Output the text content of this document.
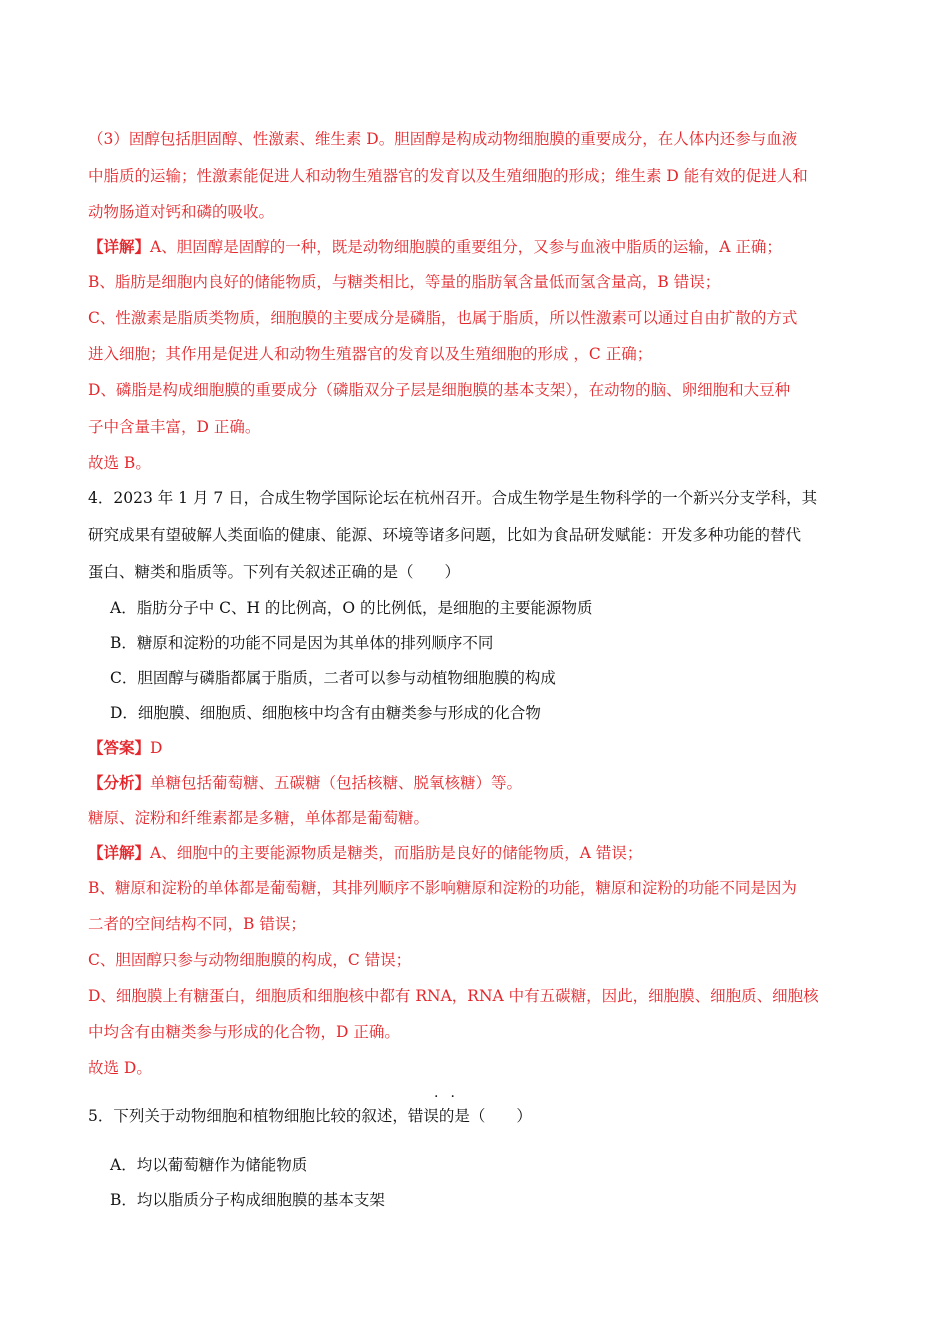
（3）固醇包括胆固醇、性激素、维生素 D。胆固醇是构成动物细胞膜的重要成分，在人体内还参与血液
中脂质的运输；性激素能促进人和动物生殖器官的发育以及生殖细胞的形成；维生素 D 能有效的促进人和
动物肠道对钙和磷的吸收。
【详解】A、胆固醇是固醇的一种，既是动物细胞膜的重要组分，又参与血液中脂质的运输，A 正确；
B、脂肪是细胞内良好的储能物质，与糖类相比，等量的脂肪氧含量低而氢含量高，B 错误；
C、性激素是脂质类物质，细胞膜的主要成分是磷脂，也属于脂质，所以性激素可以通过自由扩散的方式
进入细胞；其作用是促进人和动物生殖器官的发育以及生殖细胞的形成 ，C 正确；
D、磷脂是构成细胞膜的重要成分（磷脂双分子层是细胞膜的基本支架），在动物的脑、卵细胞和大豆种
子中含量丰富，D 正确。
故选 B。
4．2023 年 1 月 7 日，合成生物学国际论坛在杭州召开。合成生物学是生物科学的一个新兴分支学科，其
研究成果有望破解人类面临的健康、能源、环境等诸多问题，比如为食品研发赋能：开发多种功能的替代
蛋白、糖类和脂质等。下列有关叙述正确的是（　　）
A．脂肪分子中 C、H 的比例高，O 的比例低，是细胞的主要能源物质
B．糖原和淀粉的功能不同是因为其单体的排列顺序不同
C．胆固醇与磷脂都属于脂质，二者可以参与动植物细胞膜的构成
D．细胞膜、细胞质、细胞核中均含有由糖类参与形成的化合物
【答案】D
【分析】单糖包括葡萄糖、五碳糖（包括核糖、脱氧核糖）等。
糖原、淀粉和纤维素都是多糖，单体都是葡萄糖。
【详解】A、细胞中的主要能源物质是糖类，而脂肪是良好的储能物质，A 错误；
B、糖原和淀粉的单体都是葡萄糖，其排列顺序不影响糖原和淀粉的功能，糖原和淀粉的功能不同是因为
二者的空间结构不同，B 错误；
C、胆固醇只参与动物细胞膜的构成，C 错误；
D、细胞膜上有糖蛋白，细胞质和细胞核中都有 RNA，RNA 中有五碳糖，因此，细胞膜、细胞质、细胞核
中均含有由糖类参与形成的化合物，D 正确。
故选 D。
··
5．下列关于动物细胞和植物细胞比较的叙述，错误的是（　　）
A．均以葡萄糖作为储能物质
B．均以脂质分子构成细胞膜的基本支架
